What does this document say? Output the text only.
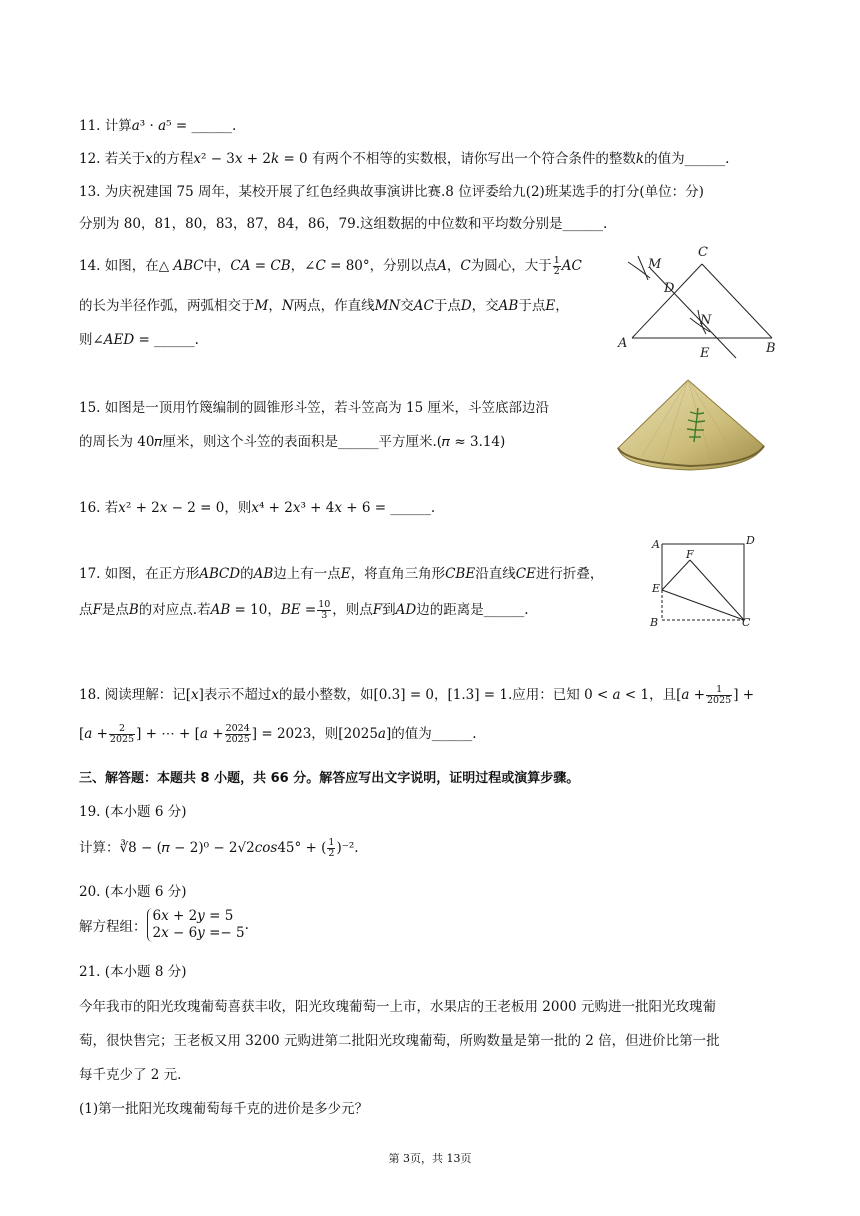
11. 计算𝑎³ · 𝑎⁵ = ______.
12. 若关于𝑥的方程𝑥² − 3𝑥 + 2𝑘 = 0 有两个不相等的实数根，请你写出一个符合条件的整数𝑘的值为______.
13. 为庆祝建国 75 周年，某校开展了红色经典故事演讲比赛.8 位评委给九(2)班某选手的打分(单位：分)
分别为 80，81，80，83，87，84，86，79.这组数据的中位数和平均数分别是______.
14. 如图，在△ 𝐴𝐵𝐶中，𝐶𝐴 = 𝐶𝐵，∠𝐶 = 80°，分别以点𝐴，𝐶为圆心，大于 $\frac{1}{2}$ 𝐴𝐶
的长为半径作弧，两弧相交于𝑀，𝑁两点，作直线𝑀𝑁交𝐴𝐶于点𝐷，交𝐴𝐵于点𝐸，
则∠𝐴𝐸𝐷 = ______.	A	B
C
D
E
M
N
15. 如图是一顶用竹篾编制的圆锥形斗笠，若斗笠高为 15 厘米，斗笠底部边沿
的周长为 40𝜋厘米，则这个斗笠的表面积是______平方厘米.(𝜋 ≈ 3.14)
16. 若𝑥² + 2𝑥 − 2 = 0，则𝑥⁴ + 2𝑥³ + 4𝑥 + 6 = ______.
17. 如图，在正方形𝐴𝐵𝐶𝐷的𝐴𝐵边上有一点𝐸，将直角三角形𝐶𝐵𝐸沿直线𝐶𝐸进行折叠，
点𝐹是点𝐵的对应点.若𝐴𝐵 = 10，𝐵𝐸 = $\frac{10}{3}$ ，则点𝐹到𝐴𝐷边的距离是______.
A	D
F
E
B	C
18. 阅读理解：记[𝑥]表示不超过𝑥的最小整数，如[0.3] = 0，[1.3] = 1.应用：已知 0 < 𝑎 < 1，且[𝑎 + $\frac{1}{2025}$ ] +
[𝑎 + $\frac{2}{2025}$ ] + ⋯ + [𝑎 + $\frac{2024}{2025}$ ] = 2023，则[2025𝑎]的值为______.
三、解答题：本题共 8 小题，共 66 分。解答应写出文字说明，证明过程或演算步骤。
19. (本小题 6 分)
计算：∛8 − (𝜋 − 2)⁰ − 2√2𝑐𝑜𝑠45° + ( $\frac{1}{2} )^{-2}$.
20. (本小题 6 分)
解方程组：
6𝑥 + 2𝑦 = 5
2𝑥 − 6𝑦 =− 5 .
21. (本小题 8 分)
今年我市的阳光玫瑰葡萄喜获丰收，阳光玫瑰葡萄一上市，水果店的王老板用 2000 元购进一批阳光玫瑰葡
萄，很快售完；王老板又用 3200 元购进第二批阳光玫瑰葡萄，所购数量是第一批的 2 倍，但进价比第一批
每千克少了 2 元.
(1)第一批阳光玫瑰葡萄每千克的进价是多少元？
第 3页，共 13页
